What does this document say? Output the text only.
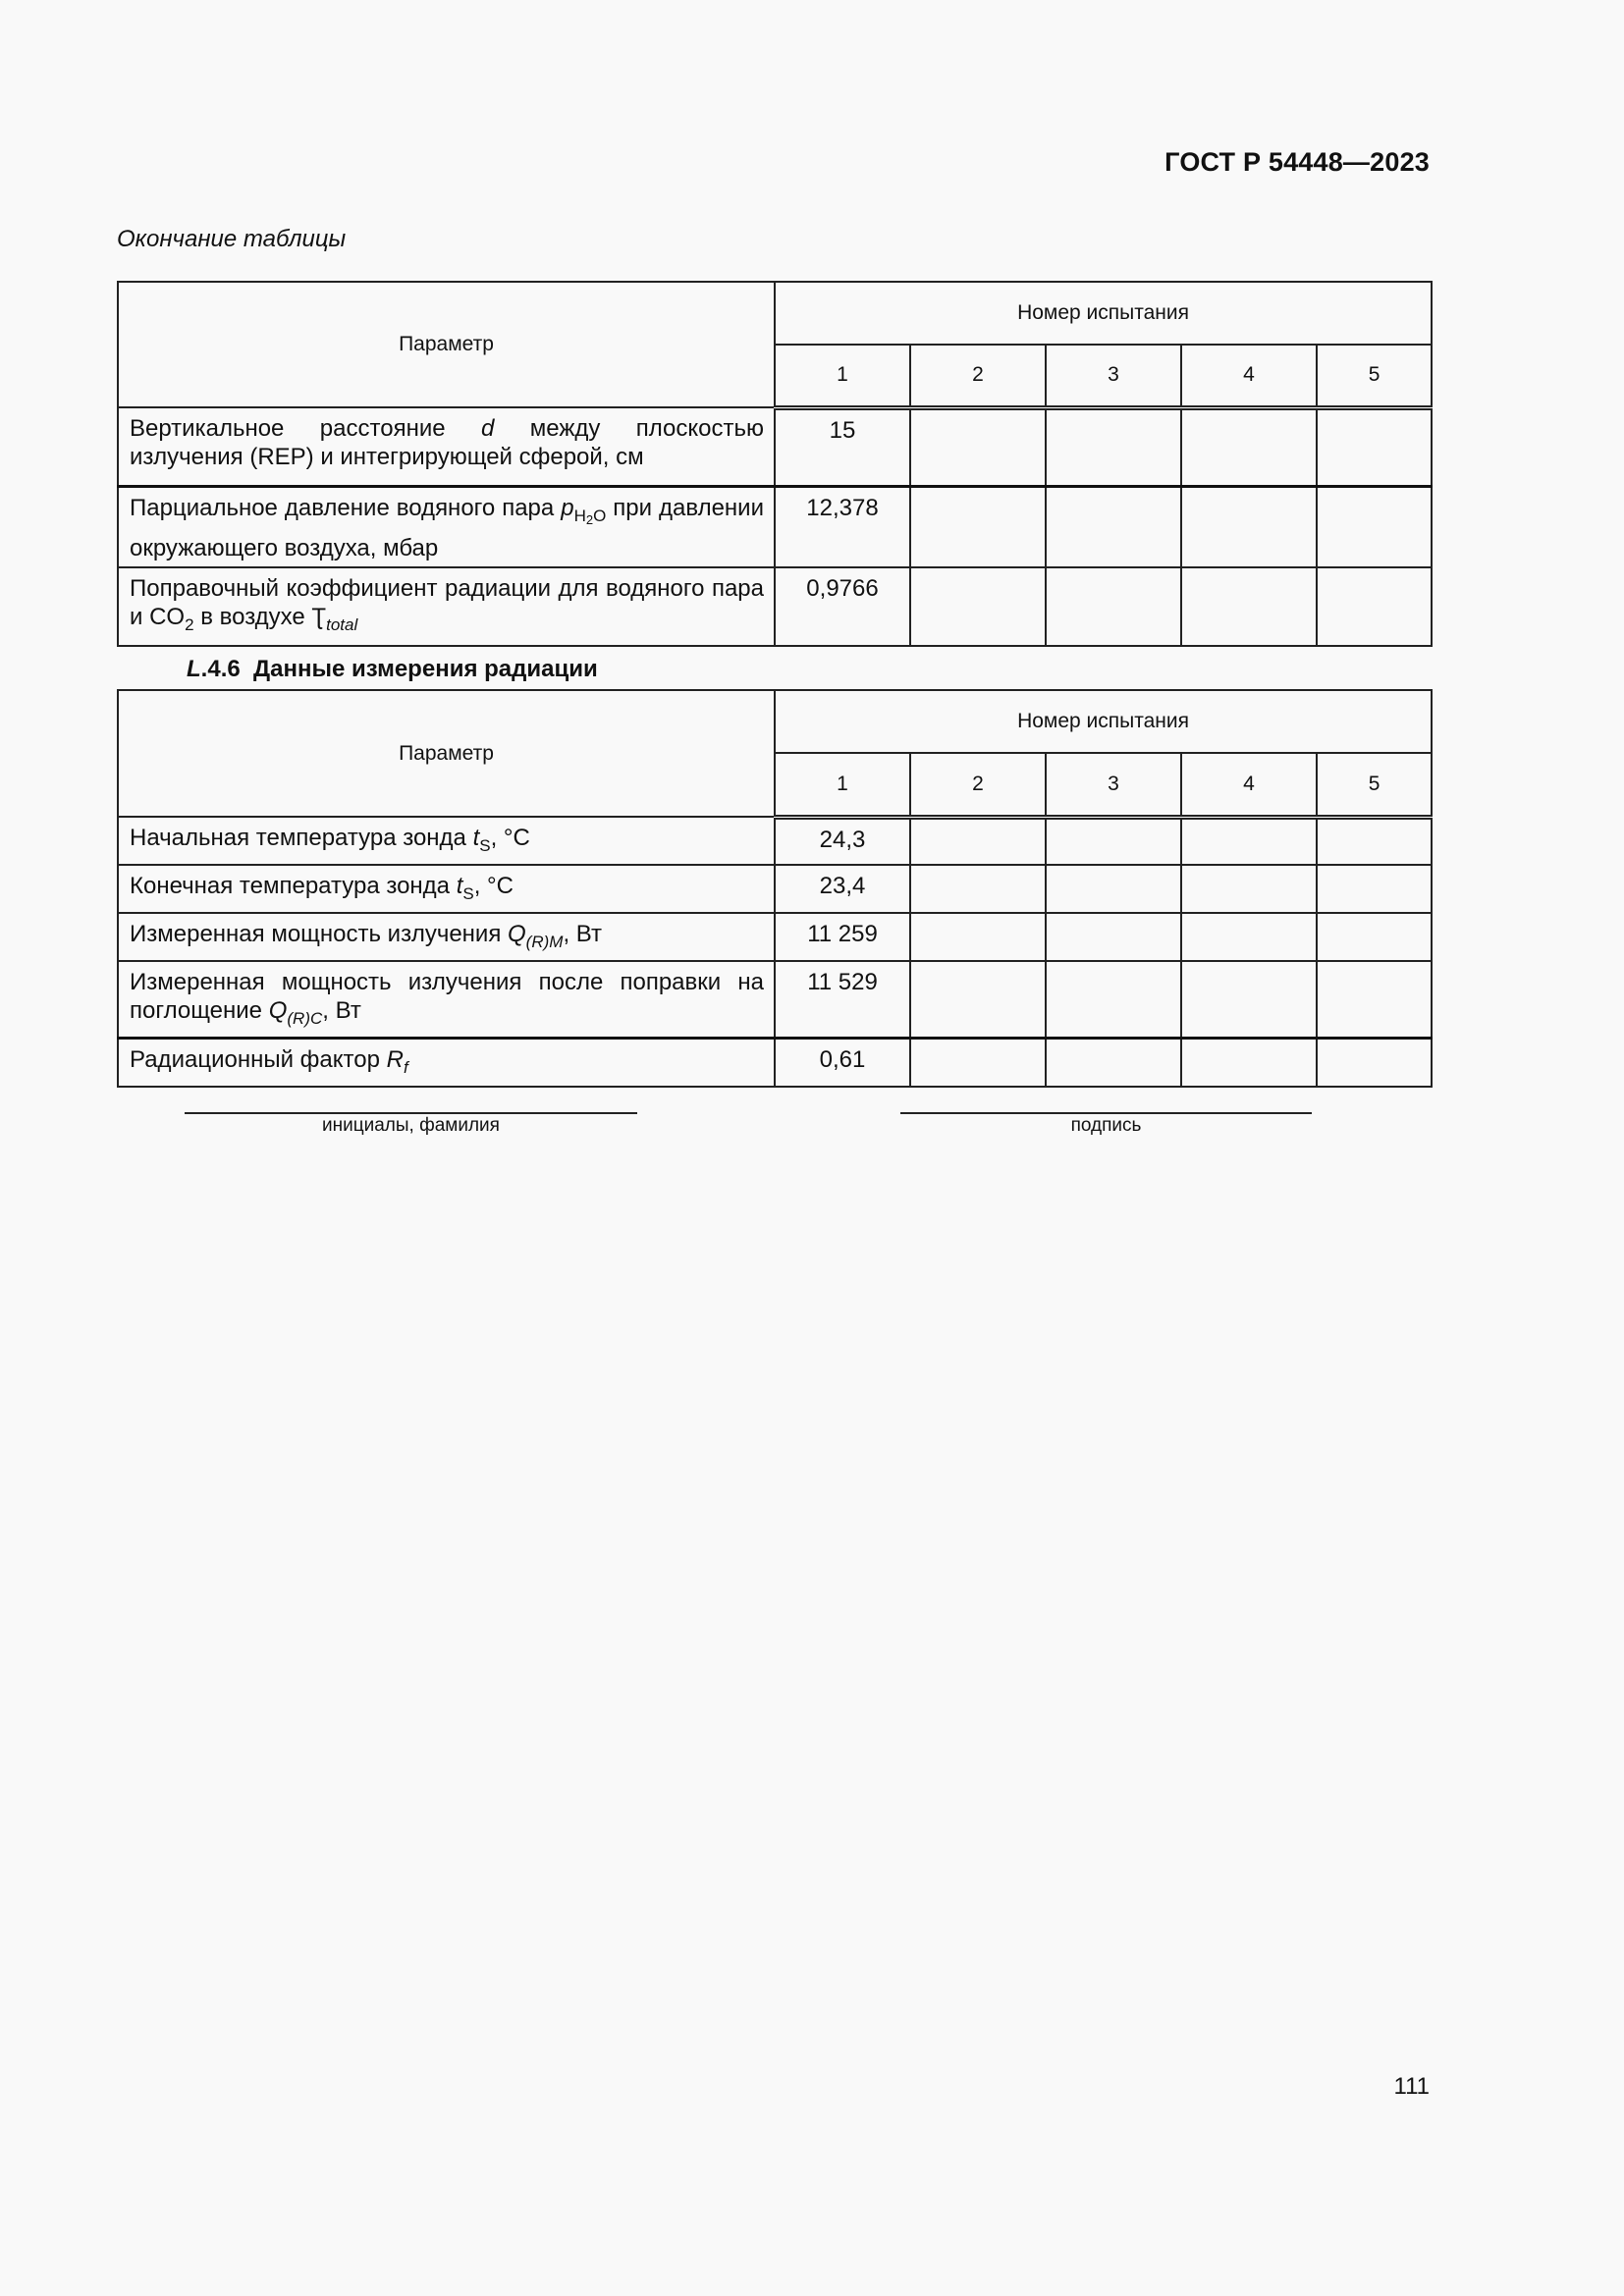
ГОСТ Р 54448—2023
Окончание таблицы
Параметр	Номер испытания				
	1	2	3	4	5

Вертикальное расстояние d между плоскостью излучения (REP) и интегрирующей сферой, см	15				

Парциальное давление водяного пара $p_{H2O}$ при давлении окружающего воздуха, мбар	12,378				

Поправочный коэффициент радиации для водяного пара и $CO_2$ в воздухе $Ʈ_{total}$	0,9766				
L.4.6 Данные измерения радиации
Параметр	Номер испытания				
	1	2	3	4	5
Начальная температура зонда $t_S$, °C	24,3				
Конечная температура зонда $t_S$, °C	23,4				
Измеренная мощность излучения $Q_{(R)M}$, Вт	11 259				

Измеренная мощность излучения после поправки на поглощение $Q_{(R)C}$, Вт	11 529				
Радиационный фактор $R_f$	0,61				
инициалы, фамилия	подпись
111
